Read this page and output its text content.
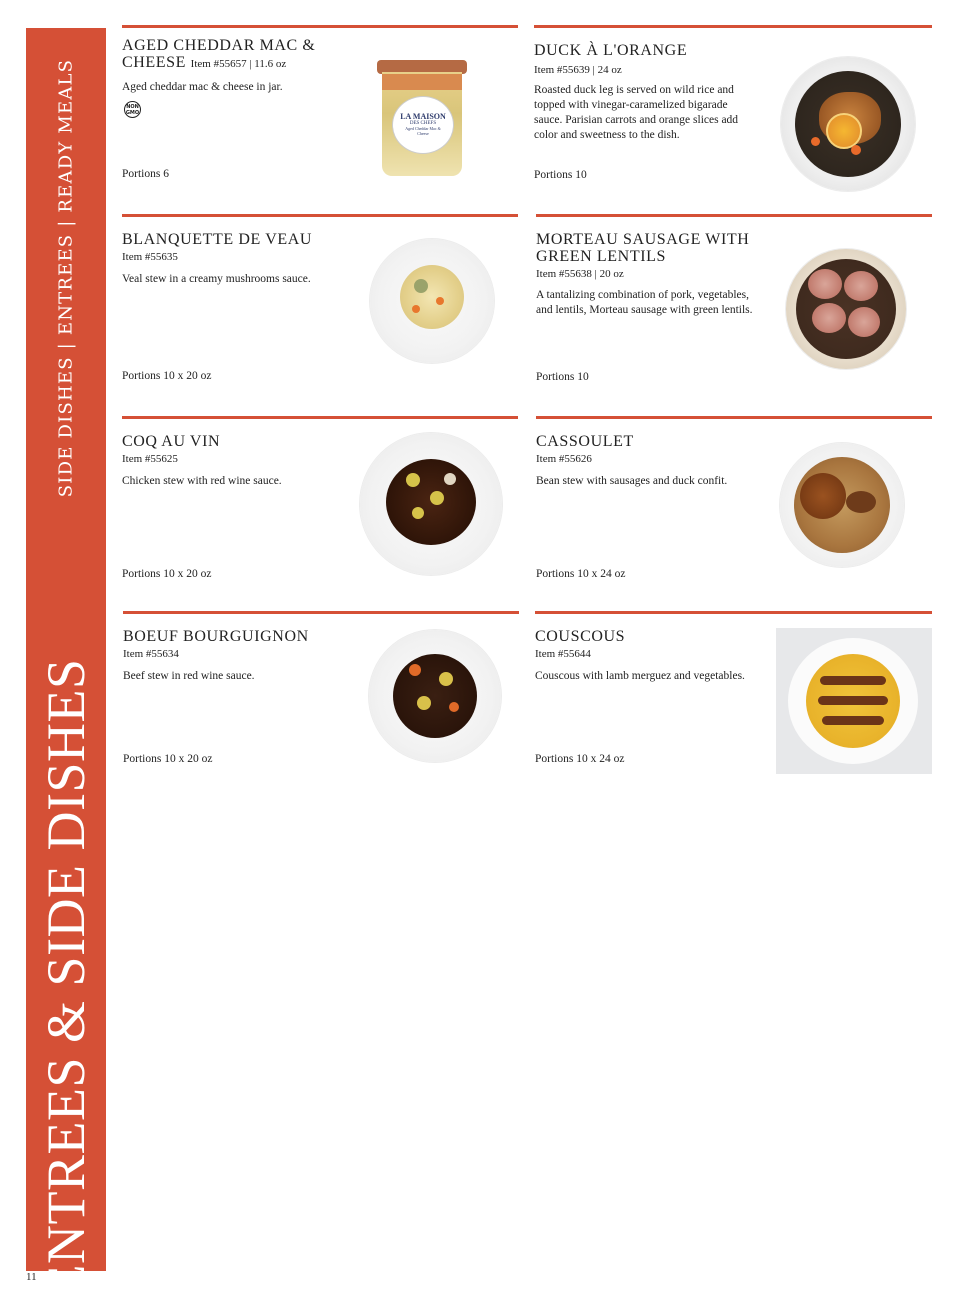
SIDE DISHES | ENTREES | READY MEALS
ENTREES & SIDE DISHES
11
AGED CHEDDAR MAC & CHEESE Item #55657 | 11.6 oz
Aged cheddar mac & cheese in jar.
NON GMO
Portions 6
LA MAISON
DES CHEFS
Aged Cheddar Mac & Cheese
DUCK À L'ORANGE
Item #55639 | 24 oz
Roasted duck leg is served on wild rice and topped with vinegar-caramelized bigarade sauce. Parisian carrots and orange slices add color and sweetness to the dish.
Portions 10
BLANQUETTE DE VEAU
Item #55635
Veal stew in a creamy mushrooms sauce.
Portions 10 x 20 oz
MORTEAU SAUSAGE WITH GREEN LENTILS
Item #55638 | 20 oz
A tantalizing combination of pork, vegetables, and lentils, Morteau sausage with green lentils.
Portions 10
COQ AU VIN
Item #55625
Chicken stew with red wine sauce.
Portions 10 x 20 oz
CASSOULET
Item #55626
Bean stew with sausages and duck confit.
Portions 10 x 24 oz
BOEUF BOURGUIGNON
Item #55634
Beef stew in red wine sauce.
Portions 10 x 20 oz
COUSCOUS
Item #55644
Couscous with lamb merguez and vegetables.
Portions 10 x 24 oz
